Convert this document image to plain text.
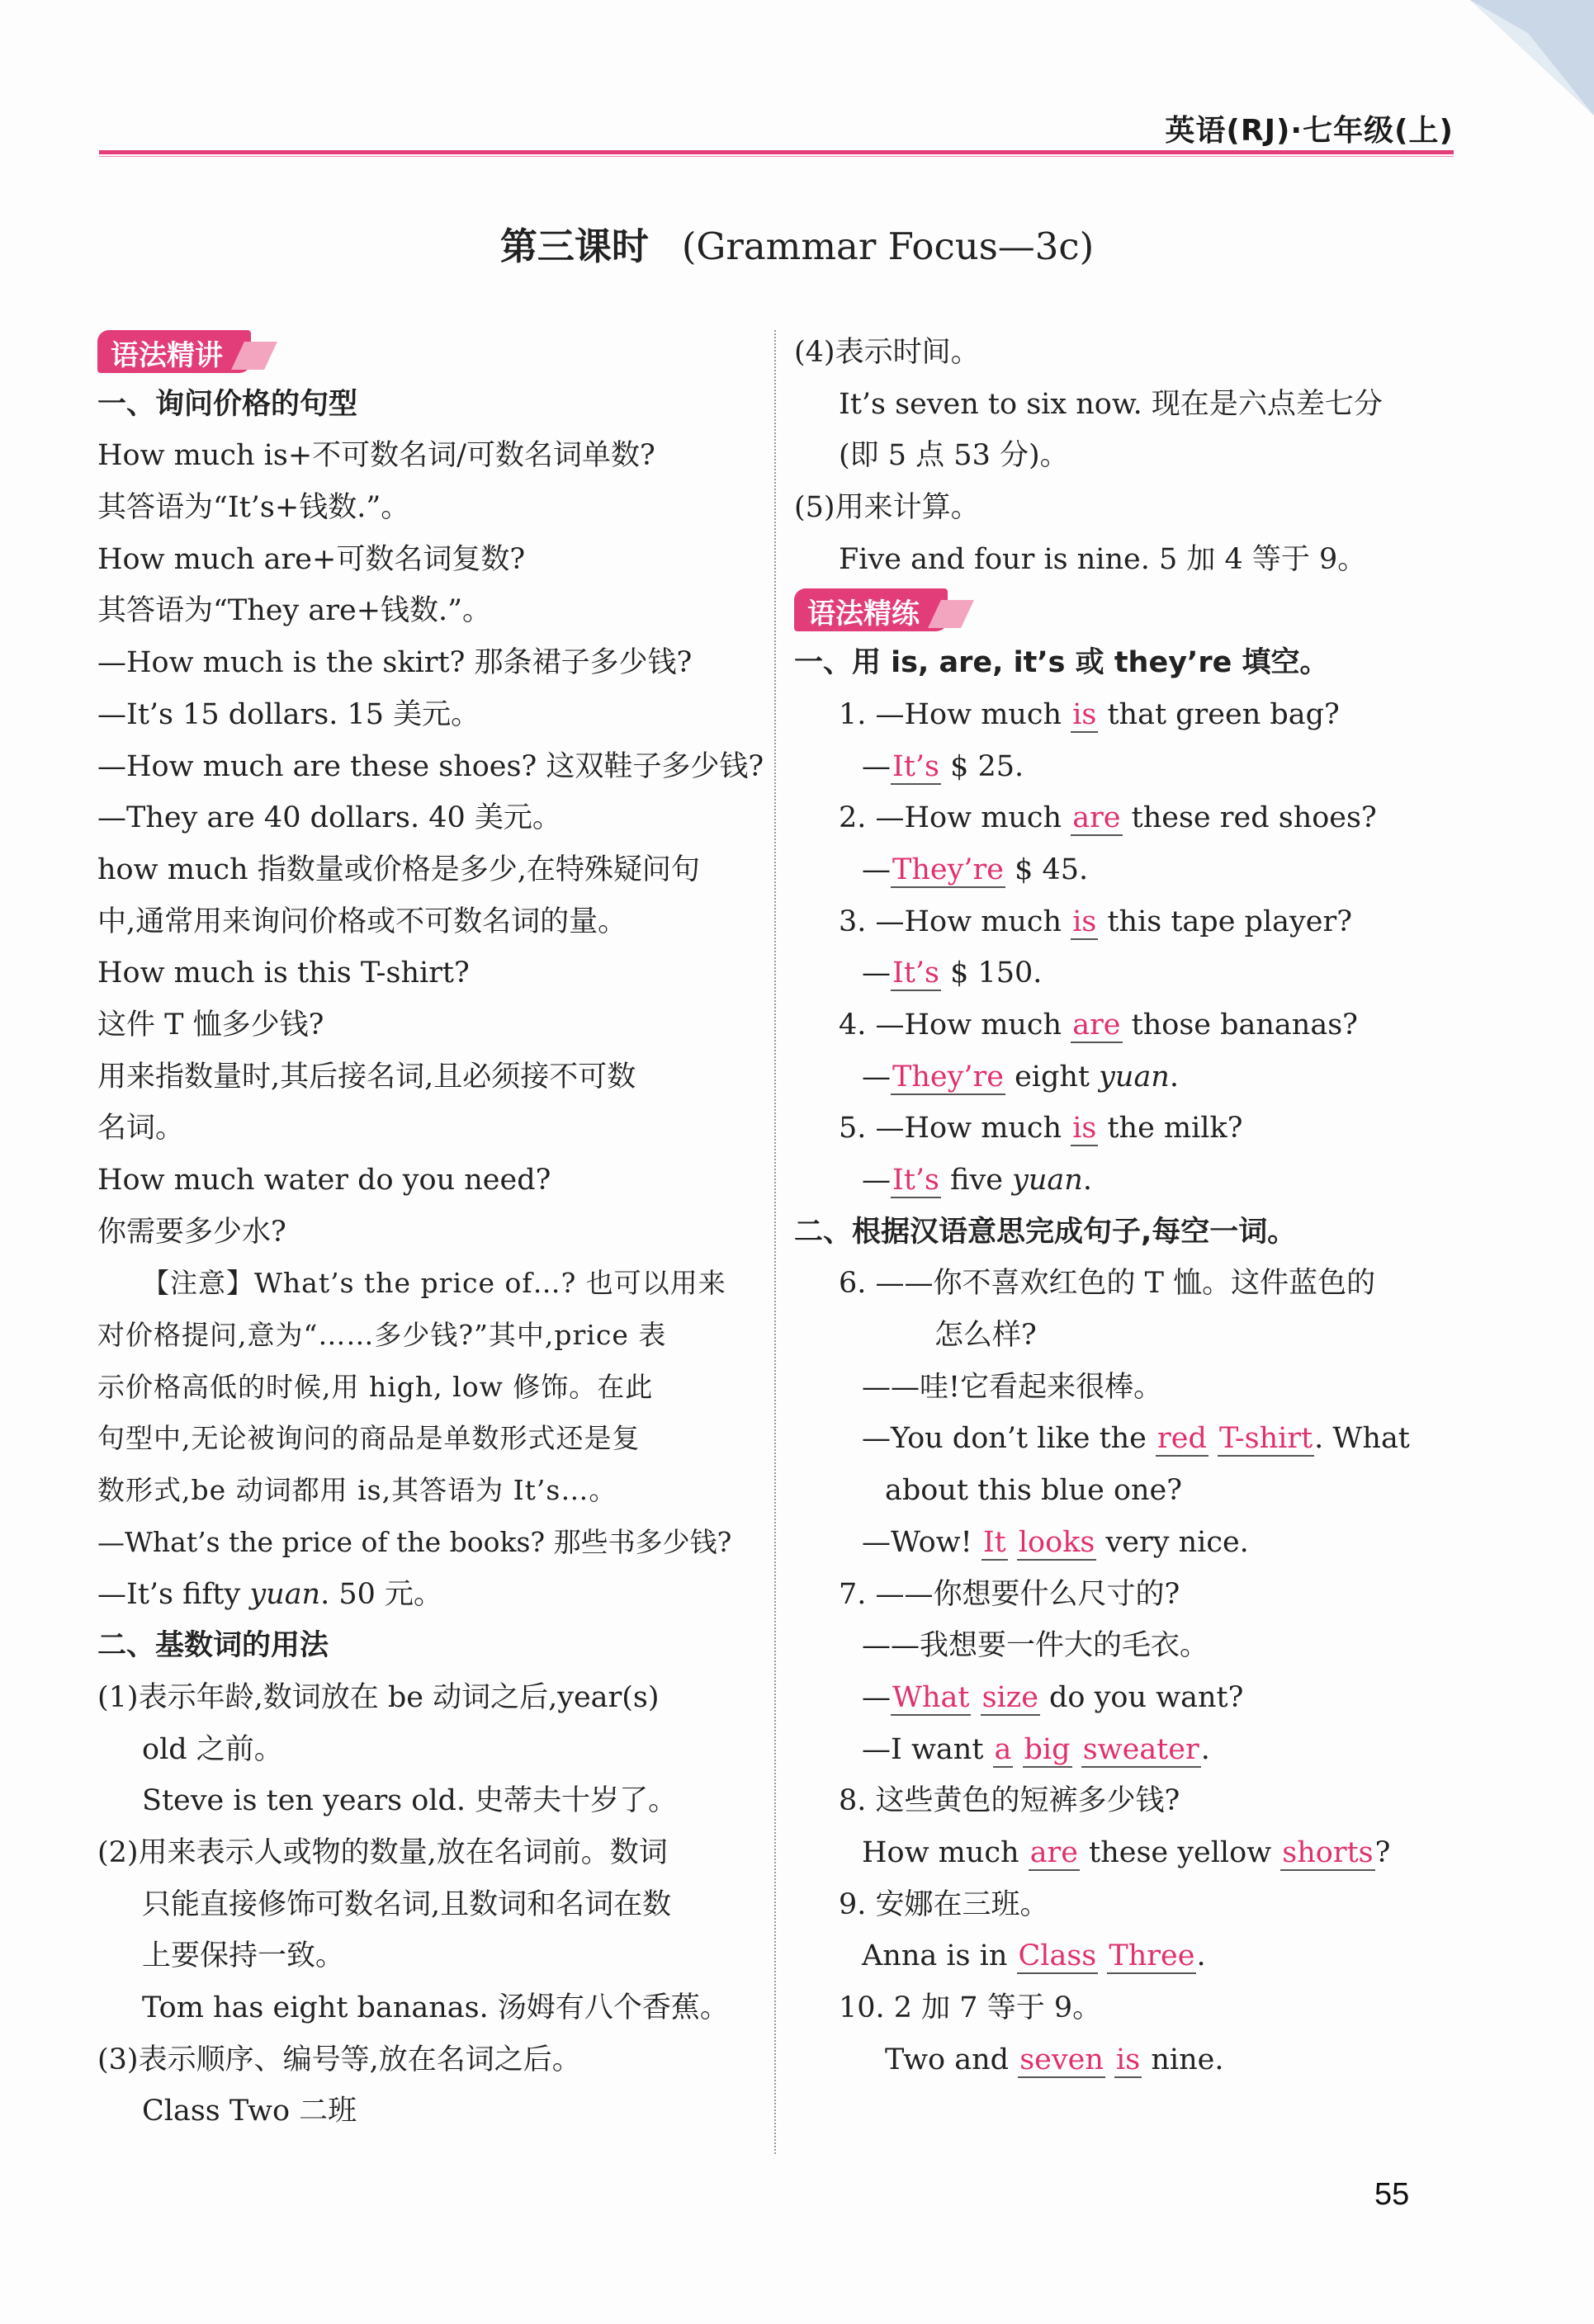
英语(RJ)·七年级(上)
第三课时 (Grammar Focus—3c)
语法精讲
一、询问价格的句型
How much is+不可数名词/可数名词单数?
其答语为“It’s+钱数.”。
How much are+可数名词复数?
其答语为“They are+钱数.”。
—How much is the skirt? 那条裙子多少钱?
—It’s 15 dollars. 15 美元。
—How much are these shoes? 这双鞋子多少钱?
—They are 40 dollars. 40 美元。
how much 指数量或价格是多少,在特殊疑问句
中,通常用来询问价格或不可数名词的量。
How much is this T-shirt?
这件 T 恤多少钱?
用来指数量时,其后接名词,且必须接不可数
名词。
How much water do you need?
你需要多少水?
【注意】What’s the price of…? 也可以用来
对价格提问,意为“……多少钱?”其中,price 表
示价格高低的时候,用 high, low 修饰。在此
句型中,无论被询问的商品是单数形式还是复
数形式,be 动词都用 is,其答语为 It’s…。
—What’s the price of the books? 那些书多少钱?
—It’s fifty yuan. 50 元。
二、基数词的用法
(1)表示年龄,数词放在 be 动词之后,year(s)
old 之前。
Steve is ten years old. 史蒂夫十岁了。
(2)用来表示人或物的数量,放在名词前。数词
只能直接修饰可数名词,且数词和名词在数
上要保持一致。
Tom has eight bananas. 汤姆有八个香蕉。
(3)表示顺序、编号等,放在名词之后。
Class Two 二班
(4)表示时间。
It’s seven to six now. 现在是六点差七分
(即 5 点 53 分)。
(5)用来计算。
Five and four is nine. 5 加 4 等于 9。
语法精练
一、用 is, are, it’s 或 they’re 填空。
1. —How much is that green bag?
—It’s $ 25.
2. —How much are these red shoes?
—They’re $ 45.
3. —How much is this tape player?
—It’s $ 150.
4. —How much are those bananas?
—They’re eight yuan.
5. —How much is the milk?
—It’s five yuan.
二、根据汉语意思完成句子,每空一词。
6. ——你不喜欢红色的 T 恤。这件蓝色的
怎么样?
——哇!它看起来很棒。
—You don’t like the red T-shirt. What
about this blue one?
—Wow! It looks very nice.
7. ——你想要什么尺寸的?
——我想要一件大的毛衣。
—What size do you want?
—I want a big sweater.
8. 这些黄色的短裤多少钱?
How much are these yellow shorts?
9. 安娜在三班。
Anna is in Class Three.
10. 2 加 7 等于 9。
Two and seven is nine.
55
